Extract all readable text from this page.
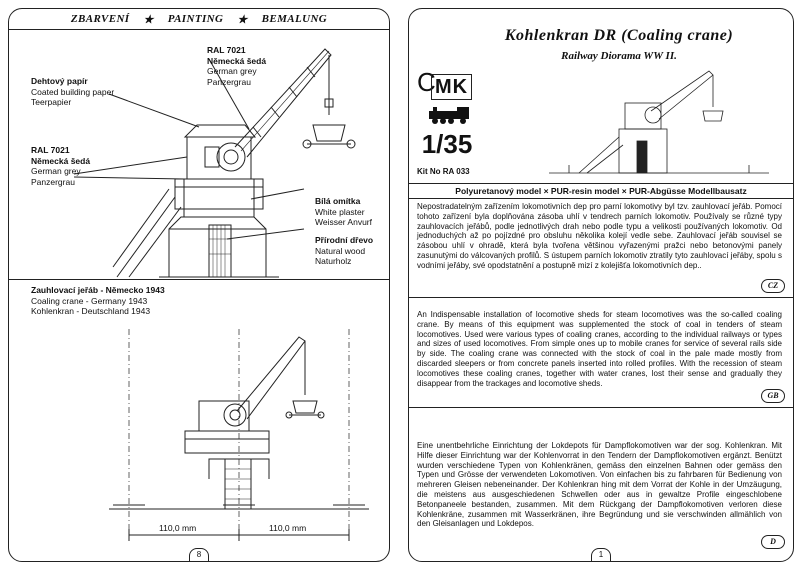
ZBARVENÍ ★ PAINTING ★ BEMALUNG
RAL 7021
Německá šedá
German grey
Panzergrau
Dehtový papír
Coated building paper
Teerpapier
RAL 7021
Německá šedá
German grey
Panzergrau
Bílá omítka
White plaster
Weisser Anvurf
Přírodní dřevo
Natural wood
Naturholz
Zauhlovací jeřáb - Německo 1943
Coaling crane - Germany 1943
Kohlenkran - Deutschland 1943
110,0 mm	110,0 mm
8
Kohlenkran DR (Coaling crane)
Railway Diorama WW II.
C MK
1/35
Kit No RA 033
Polyuretanový model × PUR-resin model × PUR-Abgüsse Modellbausatz
Nepostradatelným zařízením lokomotivních dep pro parní lokomotivy byl tzv. zauhlovací jeřáb. Pomocí tohoto zařízení byla doplňována zásoba uhlí v tendrech parních lokomotiv. Používaly se různé typy zauhlovacích jeřábů, podle jednotlivých drah nebo podle typu a velikosti používaných lokomotiv. Od jednoduchých až po pojízdné pro obsluhu několika kolejí vedle sebe. Zauhlovací jeřáb souvisel se zásobou uhlí v ohradě, která byla tvořena většinou vyřazenými pražci nebo betonovými panely zasunutými do válcovaných profilů. S ústupem parních lokomotiv ztratily tyto zauhlovací jeřáby, spolu s vodními jeřáby, své opodstatnění a postupně mizí z kolejišťa lokomotivních dep..
CZ
An Indispensable installation of locomotive sheds for steam locomotives was the so-called coaling crane. By means of this equipment was supplemented the stock of coal in tenders of steam locomotives. Used were various types of coaling cranes, according to the individual railways or types and sizes of used locomotives. From simple ones up to mobile cranes for service of several rails side by side. The coaling crane was connected with the stock of coal in the pale made mostly from discarded sleepers or from concrete panels inserted into rolled profiles. With the recession of steam locomotives these coaling cranes, together with water cranes, lost their sense and gradually they disappear from the trackages and locomotive sheds.
GB
Eine unentbehrliche Einrichtung der Lokdepots für Dampflokomotiven war der sog. Kohlenkran. Mit Hilfe dieser Einrichtung war der Kohlenvorrat in den Tendern der Dampflokomotiven ergänzt. Benützt wurden verschiedene Typen von Kohlenkränen, gemäss den einzelnen Bahnen oder gemäss den Typen und Grösse der verwendeten Lokomotiven. Von einfachen bis zu fahrbaren für Bedienung von mehreren Gleisen nebeneinander. Der Kohlenkran hing mit dem Vorrat der Kohle in der Umzäugung, die meistens aus ausgeschiedenen Schwellen oder aus in gewaltze Profile eingeschlobene Betonpaneele bestanden, zusammen. Mit dem Rückgang der Dampflokomotiven verloren diese Kohlenkräne, zusammen mit Wasserkränen, ihre Begründung und sie verschwinden allmählich von den Gleisanlagen und Lokdepos.
D
1
